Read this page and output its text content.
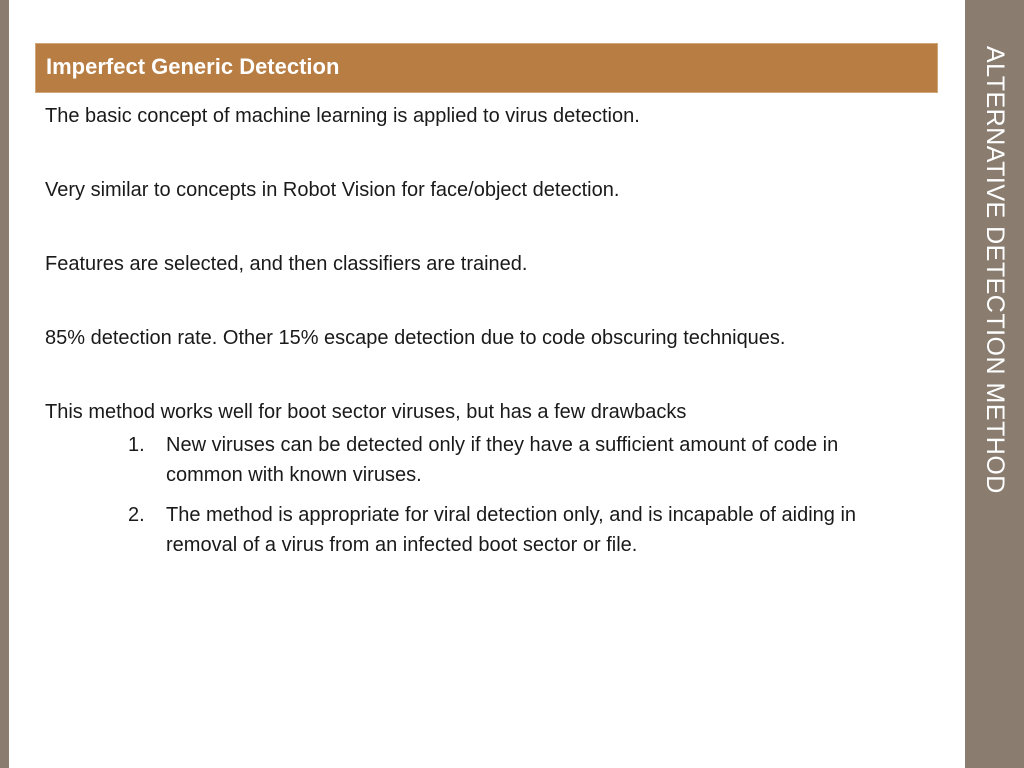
ALTERNATIVE DETECTION METHOD
Imperfect Generic Detection

The basic concept of machine learning is applied to virus detection.

Very similar to concepts in Robot Vision for face/object detection.

Features are selected, and then classifiers are trained.

85% detection rate. Other 15% escape detection due to code obscuring techniques.

This method works well for boot sector viruses, but has a few drawbacks

1.	New viruses can be detected only if they have a sufficient amount of code in common with known viruses.
2.	The method is appropriate for viral detection only, and is incapable of aiding in removal of a virus from an infected boot sector or file.
